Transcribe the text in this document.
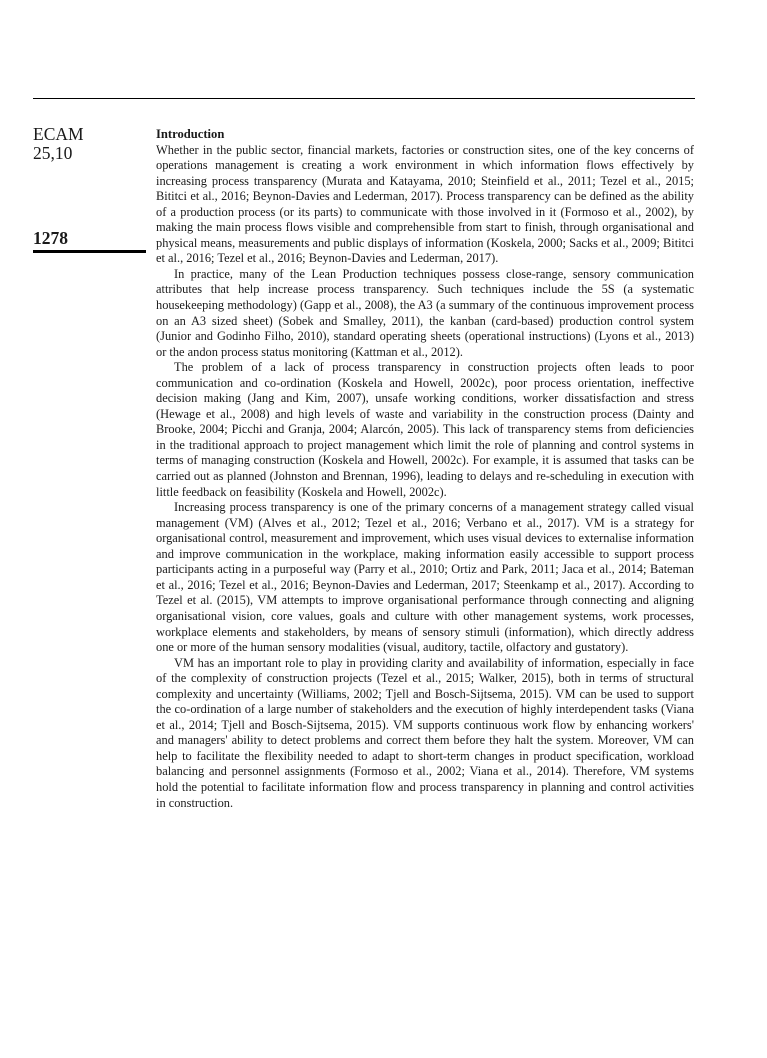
ECAM
25,10
1278
Introduction

Whether in the public sector, financial markets, factories or construction sites, one of the key concerns of operations management is creating a work environment in which information flows effectively by increasing process transparency (Murata and Katayama, 2010; Steinfield et al., 2011; Tezel et al., 2015; Bititci et al., 2016; Beynon-Davies and Lederman, 2017). Process transparency can be defined as the ability of a production process (or its parts) to communicate with those involved in it (Formoso et al., 2002), by making the main process flows visible and comprehensible from start to finish, through organisational and physical means, measurements and public displays of information (Koskela, 2000; Sacks et al., 2009; Bititci et al., 2016; Tezel et al., 2016; Beynon-Davies and Lederman, 2017).

In practice, many of the Lean Production techniques possess close-range, sensory communication attributes that help increase process transparency. Such techniques include the 5S (a systematic housekeeping methodology) (Gapp et al., 2008), the A3 (a summary of the continuous improvement process on an A3 sized sheet) (Sobek and Smalley, 2011), the kanban (card-based) production control system (Junior and Godinho Filho, 2010), standard operating sheets (operational instructions) (Lyons et al., 2013) or the andon process status monitoring (Kattman et al., 2012).

The problem of a lack of process transparency in construction projects often leads to poor communication and co-ordination (Koskela and Howell, 2002c), poor process orientation, ineffective decision making (Jang and Kim, 2007), unsafe working conditions, worker dissatisfaction and stress (Hewage et al., 2008) and high levels of waste and variability in the construction process (Dainty and Brooke, 2004; Picchi and Granja, 2004; Alarcón, 2005). This lack of transparency stems from deficiencies in the traditional approach to project management which limit the role of planning and control systems in terms of managing construction (Koskela and Howell, 2002c). For example, it is assumed that tasks can be carried out as planned (Johnston and Brennan, 1996), leading to delays and re-scheduling in execution with little feedback on feasibility (Koskela and Howell, 2002c).

Increasing process transparency is one of the primary concerns of a management strategy called visual management (VM) (Alves et al., 2012; Tezel et al., 2016; Verbano et al., 2017). VM is a strategy for organisational control, measurement and improvement, which uses visual devices to externalise information and improve communication in the workplace, making information easily accessible to support process participants acting in a purposeful way (Parry et al., 2010; Ortiz and Park, 2011; Jaca et al., 2014; Bateman et al., 2016; Tezel et al., 2016; Beynon-Davies and Lederman, 2017; Steenkamp et al., 2017). According to Tezel et al. (2015), VM attempts to improve organisational performance through connecting and aligning organisational vision, core values, goals and culture with other management systems, work processes, workplace elements and stakeholders, by means of sensory stimuli (information), which directly address one or more of the human sensory modalities (visual, auditory, tactile, olfactory and gustatory).

VM has an important role to play in providing clarity and availability of information, especially in face of the complexity of construction projects (Tezel et al., 2015; Walker, 2015), both in terms of structural complexity and uncertainty (Williams, 2002; Tjell and Bosch-Sijtsema, 2015). VM can be used to support the co-ordination of a large number of stakeholders and the execution of highly interdependent tasks (Viana et al., 2014; Tjell and Bosch-Sijtsema, 2015). VM supports continuous work flow by enhancing workers' and managers' ability to detect problems and correct them before they halt the system. Moreover, VM can help to facilitate the flexibility needed to adapt to short-term changes in product specification, workload balancing and personnel assignments (Formoso et al., 2002; Viana et al., 2014). Therefore, VM systems hold the potential to facilitate information flow and process transparency in planning and control activities in construction.
